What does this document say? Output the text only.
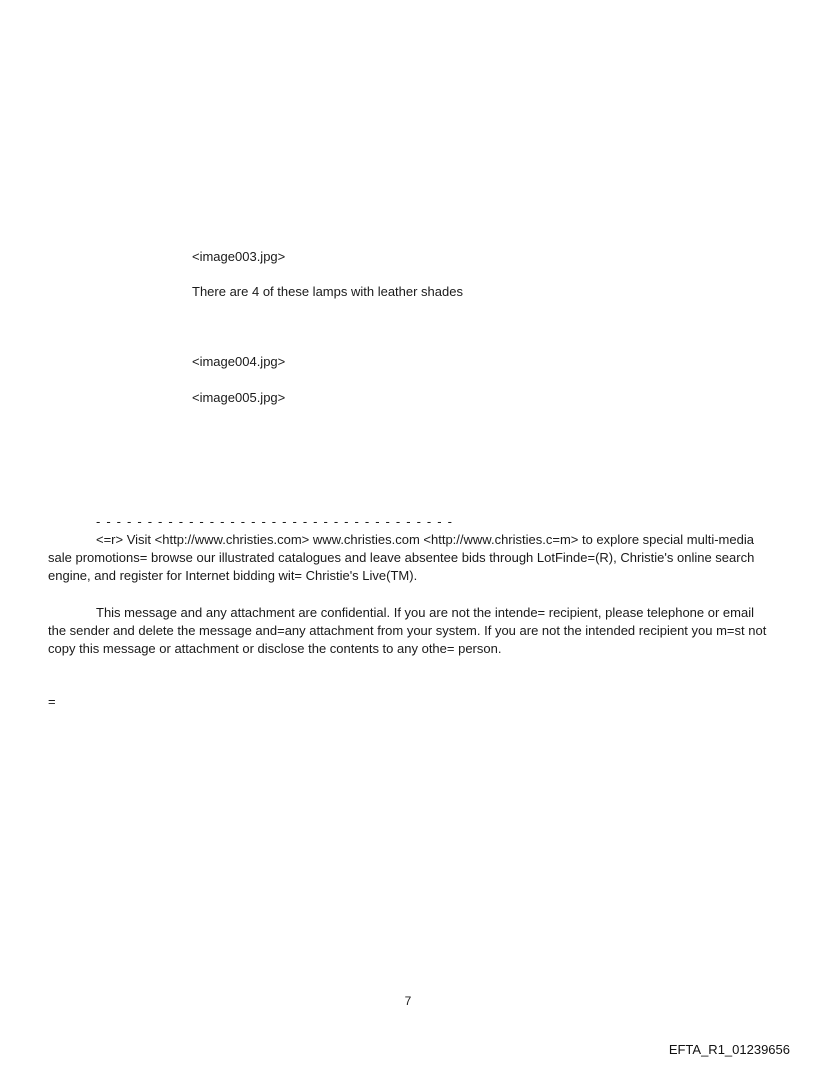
<image003.jpg>
There are 4 of these lamps with leather shades
<image004.jpg>
<image005.jpg>
- - - - - - - - - - - - - - - - - - - - - - - - - - - - - - - - - - -
<=r> Visit <http://www.christies.com> www.christies.com <http://www.christies.c=m> to explore special multi-media sale promotions= browse our illustrated catalogues and leave absentee bids through LotFinde=(R), Christie's online search engine, and register for Internet bidding wit= Christie's Live(TM).
This message and any attachment are confidential. If you are not the intende= recipient, please telephone or email the sender and delete the message and=any attachment from your system. If you are not the intended recipient you m=st not copy this message or attachment or disclose the contents to any othe= person.
=
7
EFTA_R1_01239656
